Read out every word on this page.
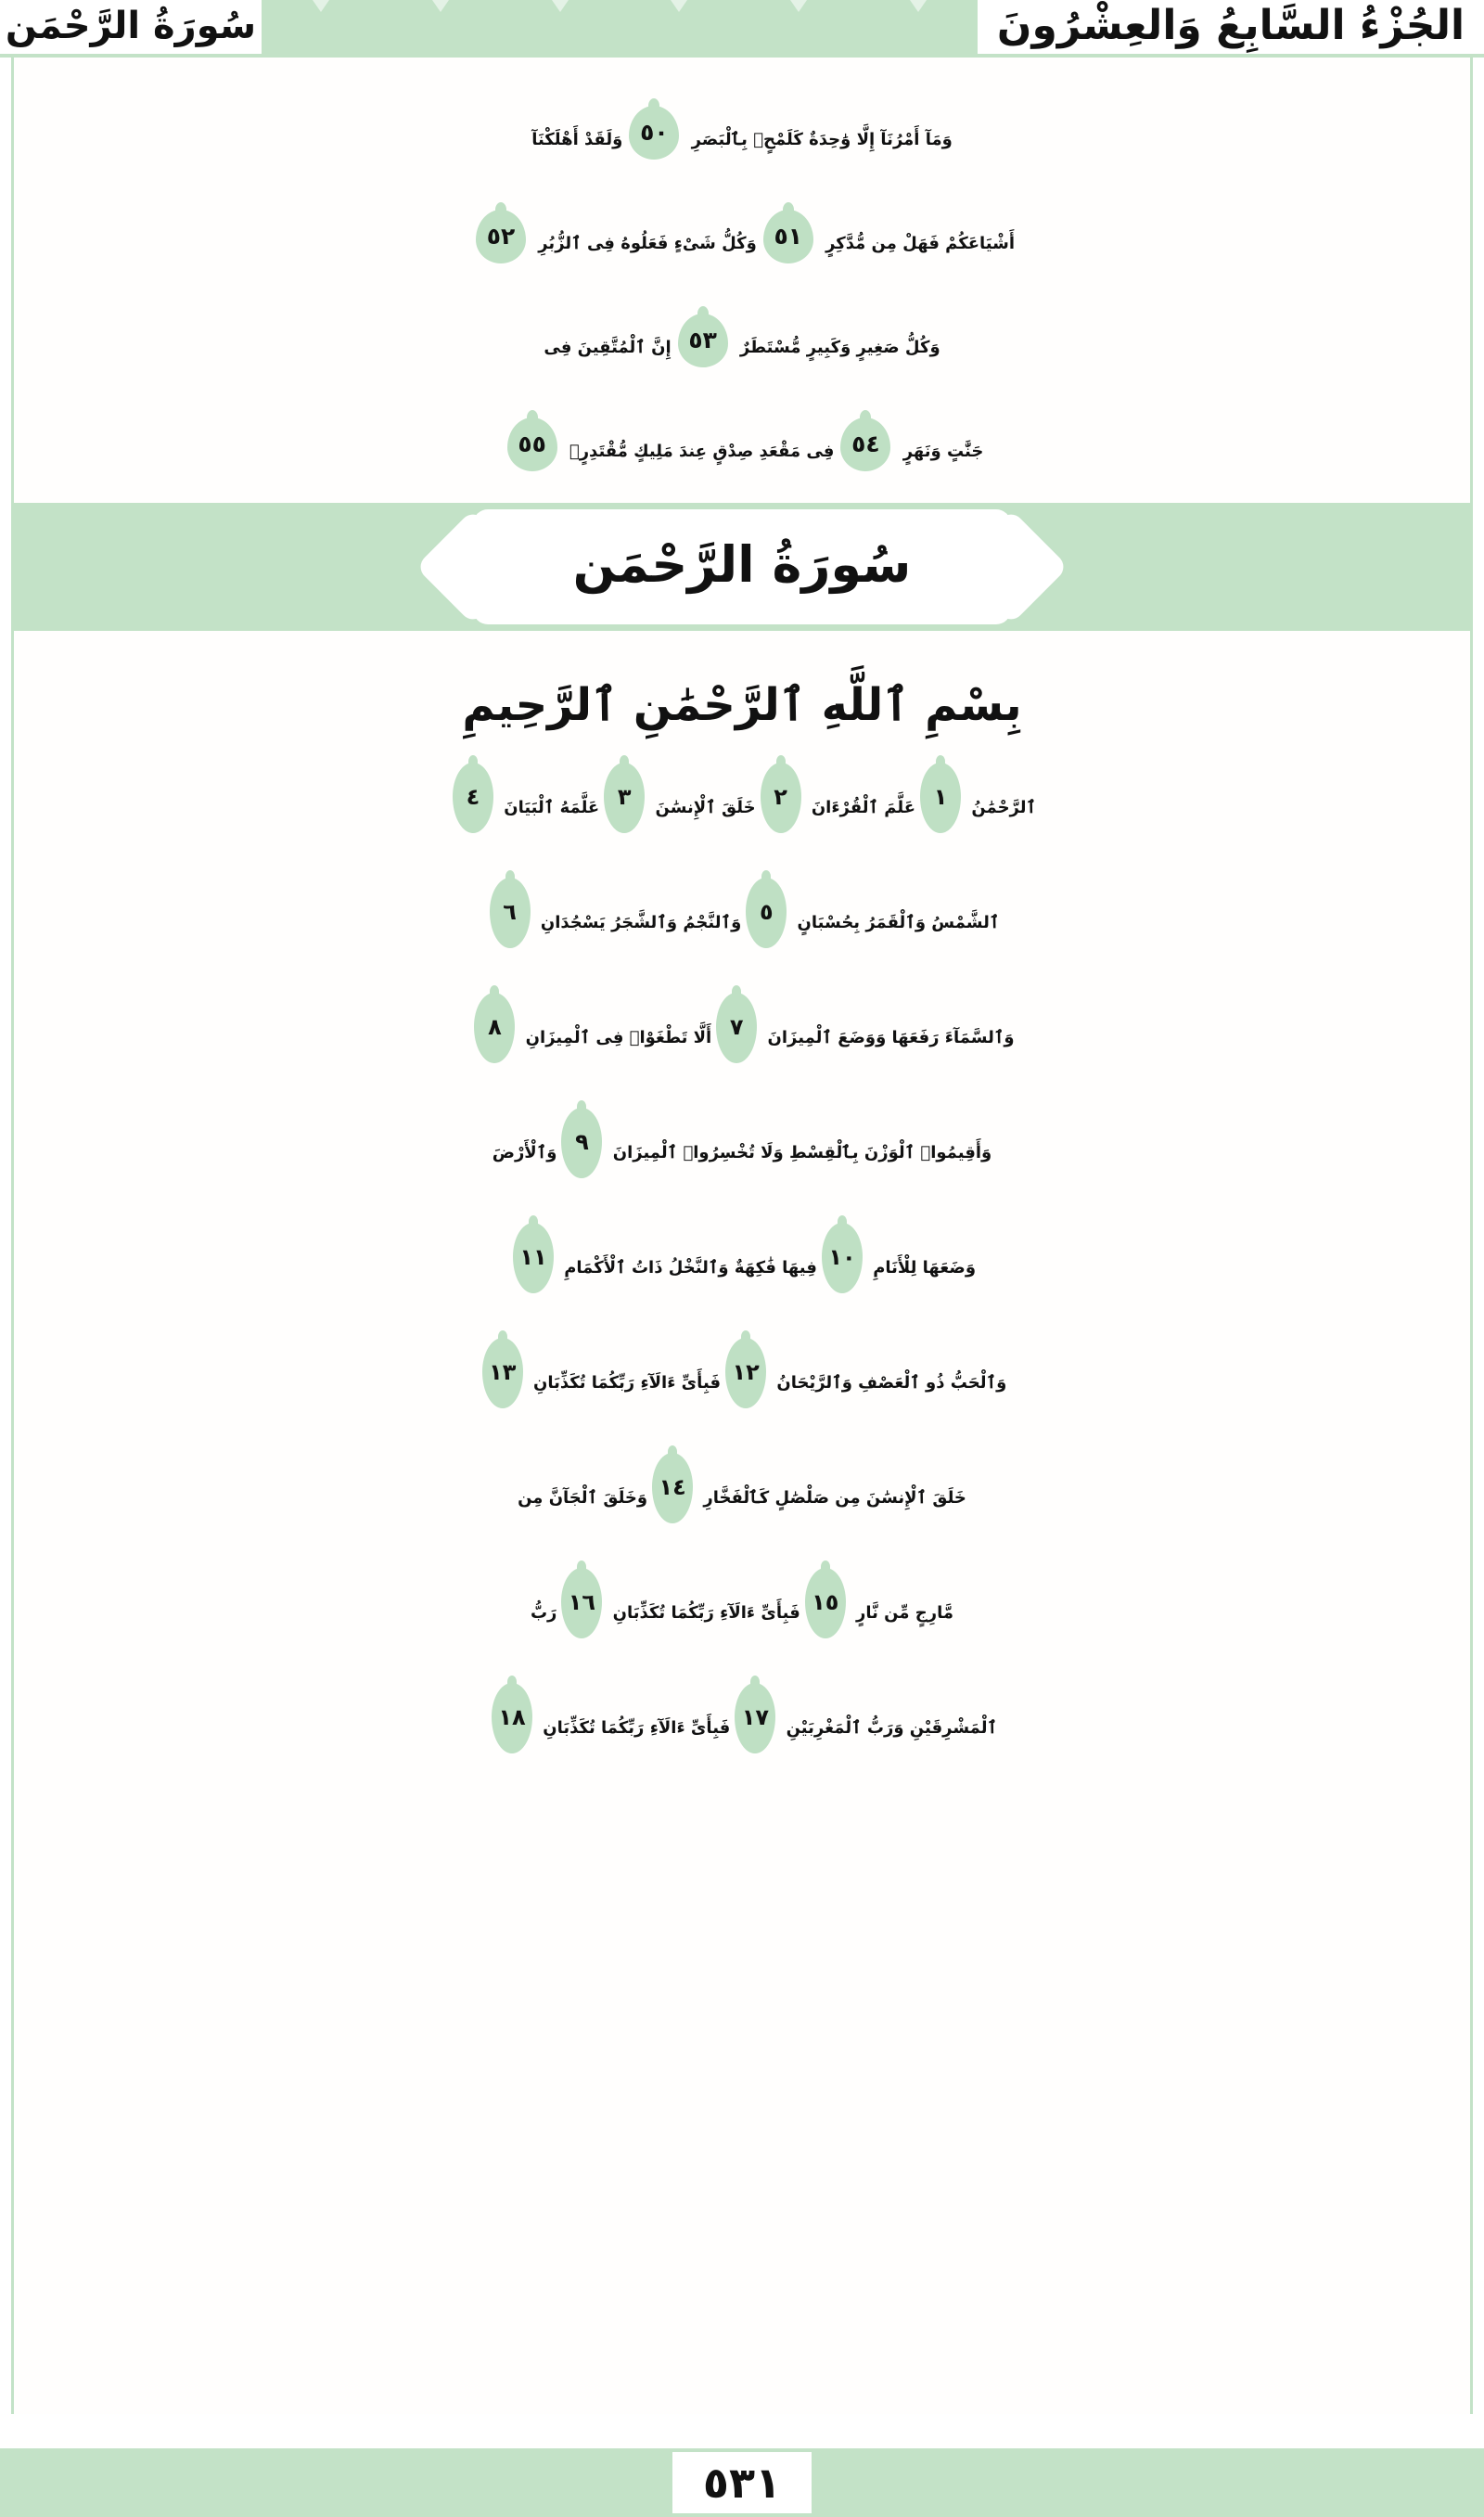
الجُزْءُ السَّابِعُ وَالعِشْرُونَ
سُورَةُ الرَّحْمَن
وَمَآ أَمْرُنَآ إِلَّا وَٰحِدَةٌ كَلَمْحٍۭ بِٱلْبَصَرِ
٥٠
وَلَقَدْ أَهْلَكْنَآ
أَشْيَاعَكُمْ فَهَلْ مِن مُّدَّكِرٍ
٥١
وَكُلُّ شَىْءٍ فَعَلُوهُ فِى ٱلزُّبُرِ
٥٢
وَكُلُّ صَغِيرٍ وَكَبِيرٍ مُّسْتَطَرٌ
٥٣
إِنَّ ٱلْمُتَّقِينَ فِى
جَنَّٰتٍ وَنَهَرٍ
٥٤
فِى مَقْعَدِ صِدْقٍ عِندَ مَلِيكٍ مُّقْتَدِرٍۭ
٥٥
سُورَةُ الرَّحْمَن
بِسْمِ ٱللَّهِ ٱلرَّحْمَٰنِ ٱلرَّحِيمِ
ٱلرَّحْمَٰنُ
١
عَلَّمَ ٱلْقُرْءَانَ
٢
خَلَقَ ٱلْإِنسَٰنَ
٣
عَلَّمَهُ ٱلْبَيَانَ
٤
ٱلشَّمْسُ وَٱلْقَمَرُ بِحُسْبَانٍ
٥
وَٱلنَّجْمُ وَٱلشَّجَرُ يَسْجُدَانِ
٦
وَٱلسَّمَآءَ رَفَعَهَا وَوَضَعَ ٱلْمِيزَانَ
٧
أَلَّا تَطْغَوْا۟ فِى ٱلْمِيزَانِ
٨
وَأَقِيمُوا۟ ٱلْوَزْنَ بِٱلْقِسْطِ وَلَا تُخْسِرُوا۟ ٱلْمِيزَانَ
٩
وَٱلْأَرْضَ
وَضَعَهَا لِلْأَنَامِ
١٠
فِيهَا فَٰكِهَةٌ وَٱلنَّخْلُ ذَاتُ ٱلْأَكْمَامِ
١١
وَٱلْحَبُّ ذُو ٱلْعَصْفِ وَٱلرَّيْحَانُ
١٢
فَبِأَىِّ ءَالَآءِ رَبِّكُمَا تُكَذِّبَانِ
١٣
خَلَقَ ٱلْإِنسَٰنَ مِن صَلْصَٰلٍ كَٱلْفَخَّارِ
١٤
وَخَلَقَ ٱلْجَآنَّ مِن
مَّارِجٍ مِّن نَّارٍ
١٥
فَبِأَىِّ ءَالَآءِ رَبِّكُمَا تُكَذِّبَانِ
١٦
رَبُّ
ٱلْمَشْرِقَيْنِ وَرَبُّ ٱلْمَغْرِبَيْنِ
١٧
فَبِأَىِّ ءَالَآءِ رَبِّكُمَا تُكَذِّبَانِ
١٨
٥٣١
